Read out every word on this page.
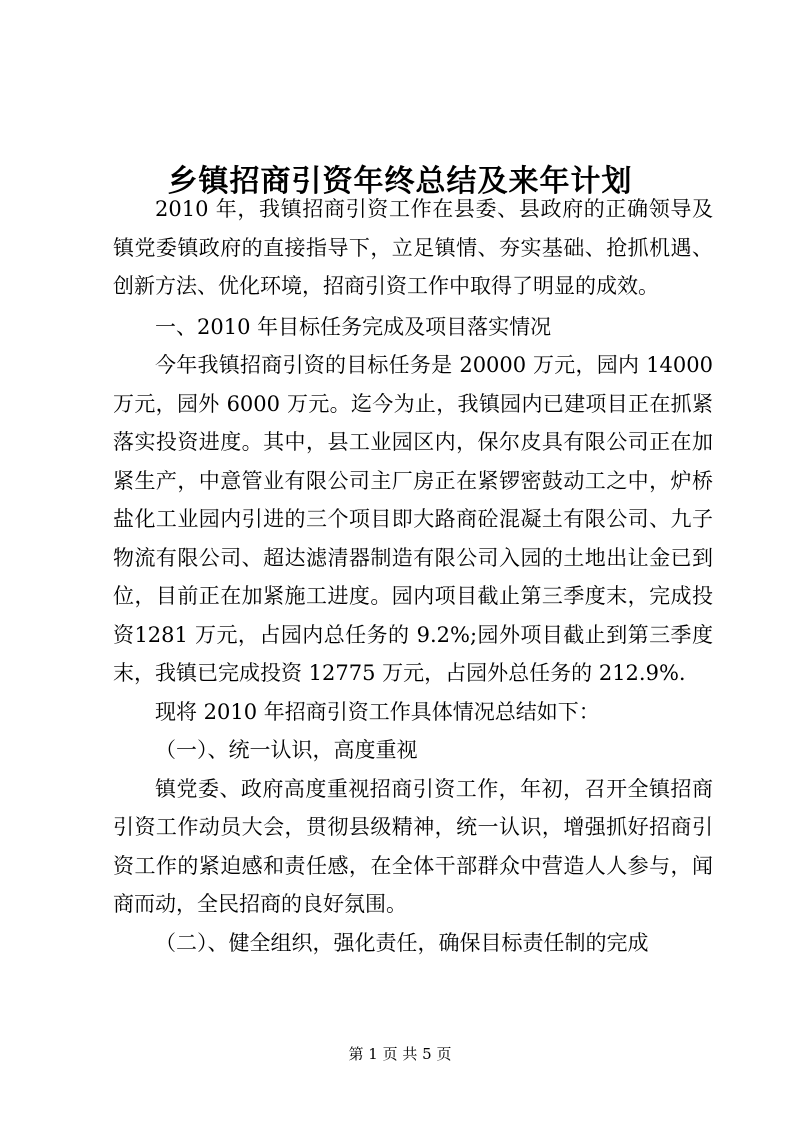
乡镇招商引资年终总结及来年计划

2010 年，我镇招商引资工作在县委、县政府的正确领导及镇党委镇政府的直接指导下，立足镇情、夯实基础、抢抓机遇、创新方法、优化环境，招商引资工作中取得了明显的成效。

一、2010 年目标任务完成及项目落实情况

今年我镇招商引资的目标任务是 20000 万元，园内 14000 万元，园外 6000 万元。迄今为止，我镇园内已建项目正在抓紧落实投资进度。其中，县工业园区内，保尔皮具有限公司正在加紧生产，中意管业有限公司主厂房正在紧锣密鼓动工之中，炉桥盐化工业园内引进的三个项目即大路商砼混凝土有限公司、九子物流有限公司、超达滤清器制造有限公司入园的土地出让金已到位，目前正在加紧施工进度。园内项目截止第三季度末，完成投资1281 万元，占园内总任务的 9.2%;园外项目截止到第三季度末，我镇已完成投资 12775 万元，占园外总任务的 212.9%.

现将 2010 年招商引资工作具体情况总结如下：

（一）、统一认识，高度重视

镇党委、政府高度重视招商引资工作，年初，召开全镇招商引资工作动员大会，贯彻县级精神，统一认识，增强抓好招商引资工作的紧迫感和责任感，在全体干部群众中营造人人参与，闻商而动，全民招商的良好氛围。

（二）、健全组织，强化责任，确保目标责任制的完成

第 1 页 共 5 页
